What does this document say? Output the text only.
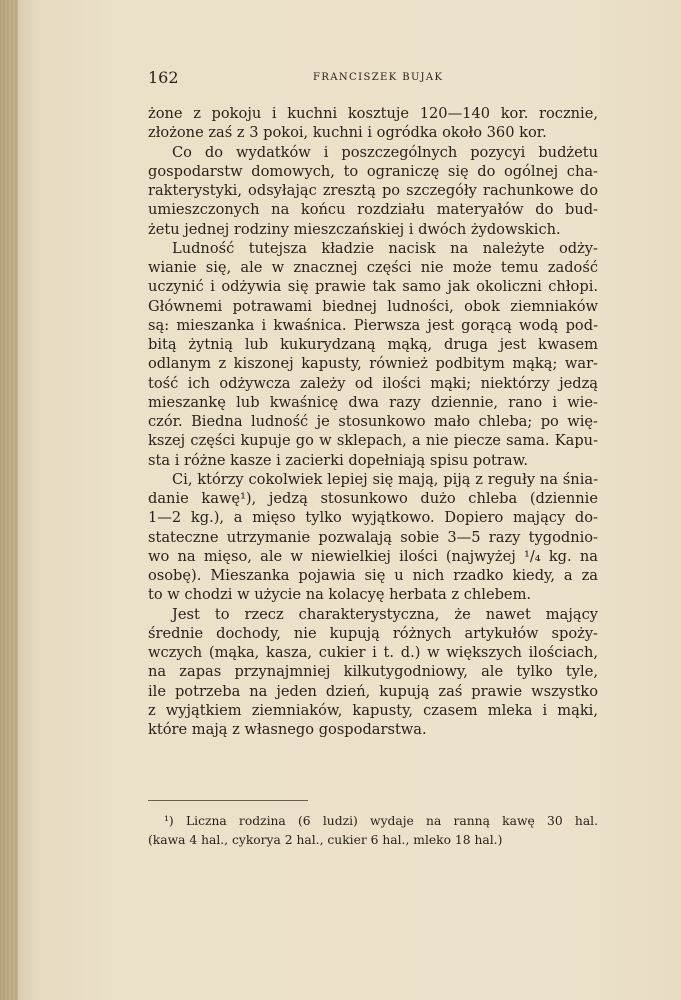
162	FRANCISZEK BUJAK
żone z pokoju i kuchni kosztuje 120—140 kor. rocznie,
złożone zaś z 3 pokoi, kuchni i ogródka około 360 kor.
Co do wydatków i poszczególnych pozycyi budżetu
gospodarstw domowych, to ograniczę się do ogólnej cha-
rakterystyki, odsyłając zresztą po szczegóły rachunkowe do
umieszczonych na końcu rozdziału materyałów do bud-
żetu jednej rodziny mieszczańskiej i dwóch żydowskich.
Ludność tutejsza kładzie nacisk na należyte odży-
wianie się, ale w znacznej części nie może temu zadość
uczynić i odżywia się prawie tak samo jak okoliczni chłopi.
Głównemi potrawami biednej ludności, obok ziemniaków
są: mieszanka i kwaśnica. Pierwsza jest gorącą wodą pod-
bitą żytnią lub kukurydzaną mąką, druga jest kwasem
odlanym z kiszonej kapusty, również podbitym mąką; war-
tość ich odżywcza zależy od ilości mąki; niektórzy jedzą
mieszankę lub kwaśnicę dwa razy dziennie, rano i wie-
czór. Biedna ludność je stosunkowo mało chleba; po wię-
kszej części kupuje go w sklepach, a nie piecze sama. Kapu-
sta i różne kasze i zacierki dopełniają spisu potraw.
Ci, którzy cokolwiek lepiej się mają, piją z reguły na śnia-
danie kawę¹), jedzą stosunkowo dużo chleba (dziennie
1—2 kg.), a mięso tylko wyjątkowo. Dopiero mający do-
stateczne utrzymanie pozwalają sobie 3—5 razy tygodnio-
wo na mięso, ale w niewielkiej ilości (najwyżej ¹/₄ kg. na
osobę). Mieszanka pojawia się u nich rzadko kiedy, a za
to w chodzi w użycie na kolacyę herbata z chlebem.
Jest to rzecz charakterystyczna, że nawet mający
średnie dochody, nie kupują różnych artykułów spoży-
wczych (mąka, kasza, cukier i t. d.) w większych ilościach,
na zapas przynajmniej kilkutygodniowy, ale tylko tyle,
ile potrzeba na jeden dzień, kupują zaś prawie wszystko
z wyjątkiem ziemniaków, kapusty, czasem mleka i mąki,
które mają z własnego gospodarstwa.
¹) Liczna rodzina (6 ludzi) wydaje na ranną kawę 30 hal.
(kawa 4 hal., cykorya 2 hal., cukier 6 hal., mleko 18 hal.)
